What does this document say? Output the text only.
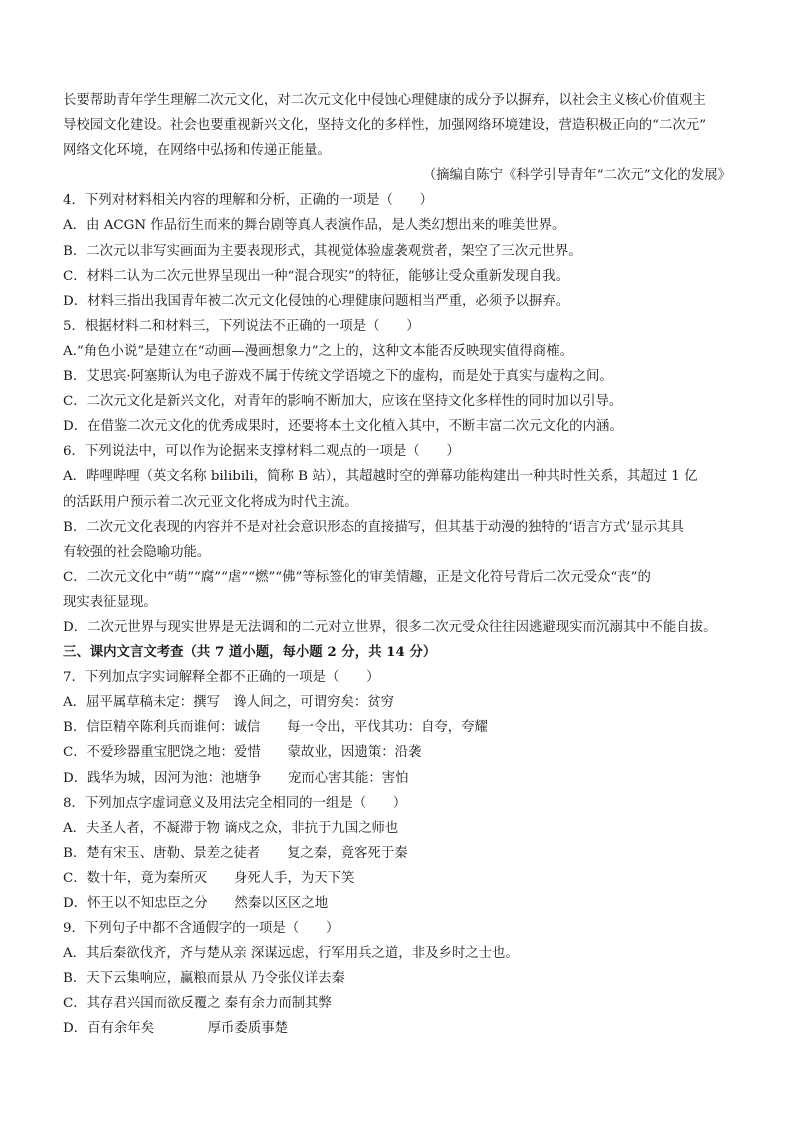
长要帮助青年学生理解二次元文化，对二次元文化中侵蚀心理健康的成分予以摒弃，以社会主义核心价值观主
导校园文化建设。社会也要重视新兴文化，坚持文化的多样性，加强网络环境建设，营造积极正向的“二次元”
网络文化环境，在网络中弘扬和传递正能量。
（摘编自陈宁《科学引导青年“二次元”文化的发展》
4．下列对材料相关内容的理解和分析，正确的一项是（　　）
A．由 ACGN 作品衍生而来的舞台剧等真人表演作品，是人类幻想出来的唯美世界。
B．二次元以非写实画面为主要表现形式，其视觉体验虚袭观赏者，架空了三次元世界。
C．材料二认为二次元世界呈现出一种“混合现实”的特征，能够让受众重新发现自我。
D．材料三指出我国青年被二次元文化侵蚀的心理健康问题相当严重，必须予以摒弃。
5．根据材料二和材料三，下列说法不正确的一项是（　　）
A.“角色小说”是建立在“动画—漫画想象力”之上的，这种文本能否反映现实值得商榷。
B．艾思宾·阿塞斯认为电子游戏不属于传统文学语境之下的虚构，而是处于真实与虚构之间。
C．二次元文化是新兴文化，对青年的影响不断加大，应该在坚持文化多样性的同时加以引导。
D．在借鉴二次元文化的优秀成果时，还要将本土文化植入其中，不断丰富二次元文化的内涵。
6．下列说法中，可以作为论据来支撑材料二观点的一项是（　　）
A．哔哩哔哩（英文名称 bilibili，简称 B 站），其超越时空的弹幕功能构建出一种共时性关系，其超过 1 亿
的活跃用户预示着二次元亚文化将成为时代主流。
B．二次元文化表现的内容并不是对社会意识形态的直接描写，但其基于动漫的独特的‘语言方式’显示其具
有较强的社会隐喻功能。
C．二次元文化中“萌”“腐”“虐”“燃”“佛”等标签化的审美情趣，正是文化符号背后二次元受众“丧”的
现实表征显现。
D．二次元世界与现实世界是无法调和的二元对立世界，很多二次元受众往往因逃避现实而沉溺其中不能自拔。
三、课内文言文考查（共 7 道小题，每小题 2 分，共 14 分）
7．下列加点字实词解释全都不正确的一项是（　　）
A．屈平属草稿未定：撰写　谗人间之，可谓穷矣：贫穷
B．信臣精卒陈利兵而谁何：诚信　　每一令出，平伐其功：自夸，夸耀
C．不爱珍器重宝肥饶之地：爱惜　　蒙故业，因遗策：沿袭
D．践华为城，因河为池：池塘争　　宠而心害其能：害怕
8．下列加点字虚词意义及用法完全相同的一组是（　　）
A．夫圣人者，不凝滞于物 谪戍之众，非抗于九国之师也
B．楚有宋玉、唐勒、景差之徒者　　复之秦，竟客死于秦
C．数十年，竟为秦所灭　　身死人手，为天下笑
D．怀王以不知忠臣之分　　然秦以区区之地
9．下列句子中都不含通假字的一项是（　　）
A．其后秦欲伐齐，齐与楚从亲 深谋远虑，行军用兵之道，非及乡时之士也。
B．天下云集响应，赢粮而景从 乃令张仪详去秦
C．其存君兴国而欲反覆之 秦有余力而制其弊
D．百有余年矣　　　　厚币委质事楚
